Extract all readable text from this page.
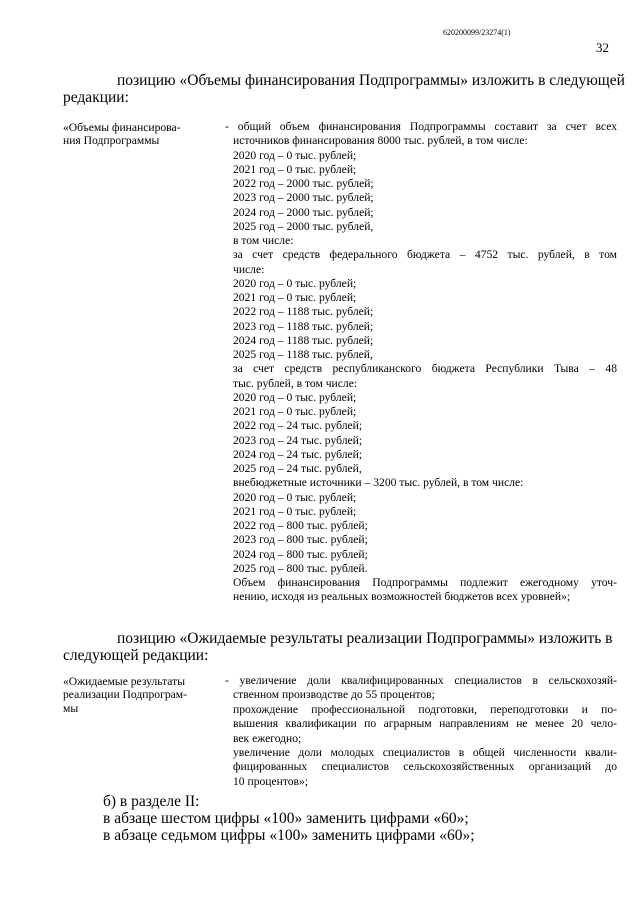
620200099/23274(1)
32
позицию «Объемы финансирования Подпрограммы» изложить в следующей
редакции:
«Объемы финансирова-
ния Подпрограммы
- общий объем финансирования Подпрограммы составит за счет всех
источников финансирования 8000 тыс. рублей, в том числе:
2020 год – 0 тыс. рублей;
2021 год – 0 тыс. рублей;
2022 год – 2000 тыс. рублей;
2023 год – 2000 тыс. рублей;
2024 год – 2000 тыс. рублей;
2025 год – 2000 тыс. рублей,
в том числе:
за счет средств федерального бюджета – 4752 тыс. рублей, в том
числе:
2020 год – 0 тыс. рублей;
2021 год – 0 тыс. рублей;
2022 год – 1188 тыс. рублей;
2023 год – 1188 тыс. рублей;
2024 год – 1188 тыс. рублей;
2025 год – 1188 тыс. рублей,
за счет средств республиканского бюджета Республики Тыва – 48
тыс. рублей, в том числе:
2020 год – 0 тыс. рублей;
2021 год – 0 тыс. рублей;
2022 год – 24 тыс. рублей;
2023 год – 24 тыс. рублей;
2024 год – 24 тыс. рублей;
2025 год – 24 тыс. рублей,
внебюджетные источники – 3200 тыс. рублей, в том числе:
2020 год – 0 тыс. рублей;
2021 год – 0 тыс. рублей;
2022 год – 800 тыс. рублей;
2023 год – 800 тыс. рублей;
2024 год – 800 тыс. рублей;
2025 год – 800 тыс. рублей.
Объем финансирования Подпрограммы подлежит ежегодному уточ-
нению, исходя из реальных возможностей бюджетов всех уровней»;
позицию «Ожидаемые результаты реализации Подпрограммы» изложить в
следующей редакции:
«Ожидаемые результаты
реализации Подпрограм-
мы
- увеличение доли квалифицированных специалистов в сельскохозяй-
ственном производстве до 55 процентов;
прохождение профессиональной подготовки, переподготовки и по-
вышения квалификации по аграрным направлениям не менее 20 чело-
век ежегодно;
увеличение доли молодых специалистов в общей численности квали-
фицированных специалистов сельскохозяйственных организаций до
10 процентов»;
б) в разделе II:
в абзаце шестом цифры «100» заменить цифрами «60»;
в абзаце седьмом цифры «100» заменить цифрами «60»;
